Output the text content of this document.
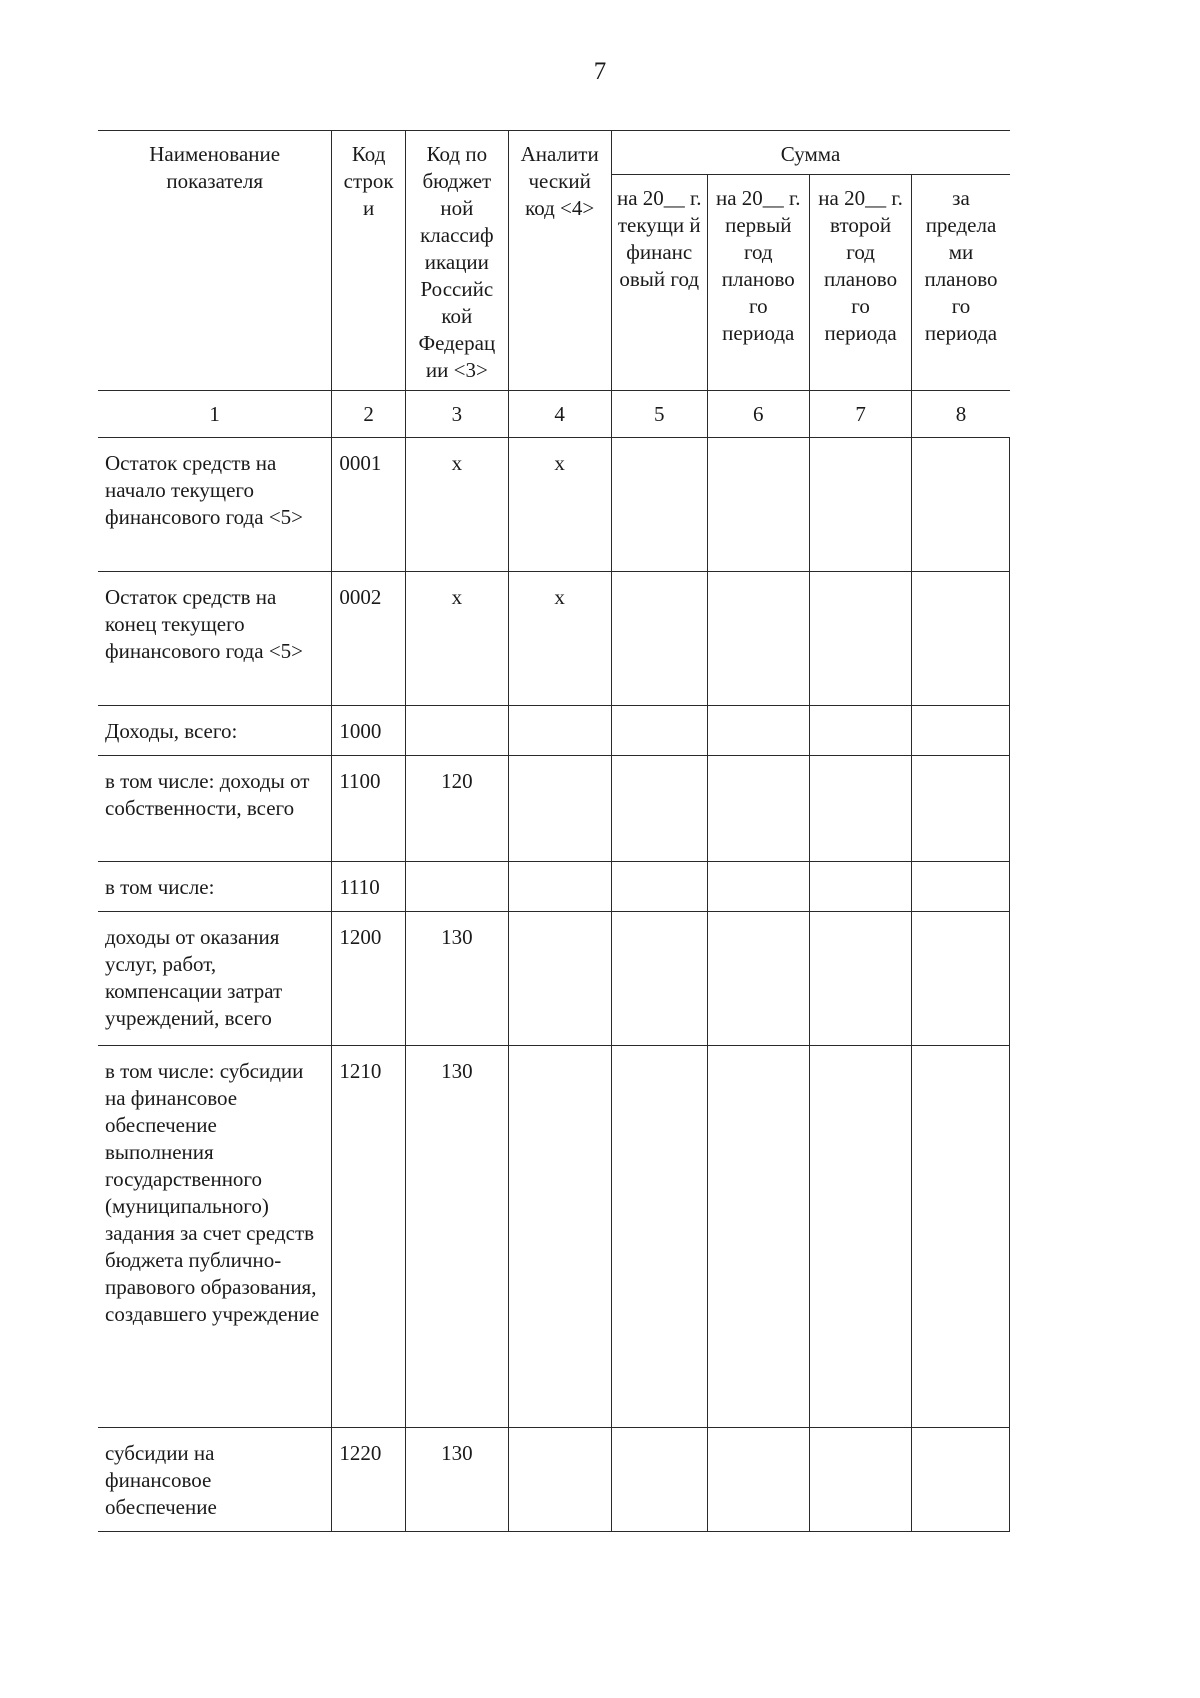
7
Наименование показателя	Код строк и	Код по бюджет ной классиф икации Российс кой Федерац ии <3>	Аналити ческий код <4>	Сумма			
				на 20__ г. текущи й финанс овый год	на 20__ г. первый год планово го периода	на 20__ г. второй год планово го периода	за предела ми планово го периода
1	2	3	4	5	6	7	8
Остаток средств на начало текущего финансового года <5>	0001	x	x				
Остаток средств на конец текущего финансового года <5>	0002	x	x				
Доходы, всего:	1000						
в том числе: доходы от собственности, всего	1100	120					
в том числе:	1110						
доходы от оказания услуг, работ, компенсации затрат учреждений, всего	1200	130					
в том числе: субсидии на финансовое обеспечение выполнения государственного (муниципального) задания за счет средств бюджета публично-правового образования, создавшего учреждение	1210	130					
субсидии на финансовое обеспечение	1220	130					
